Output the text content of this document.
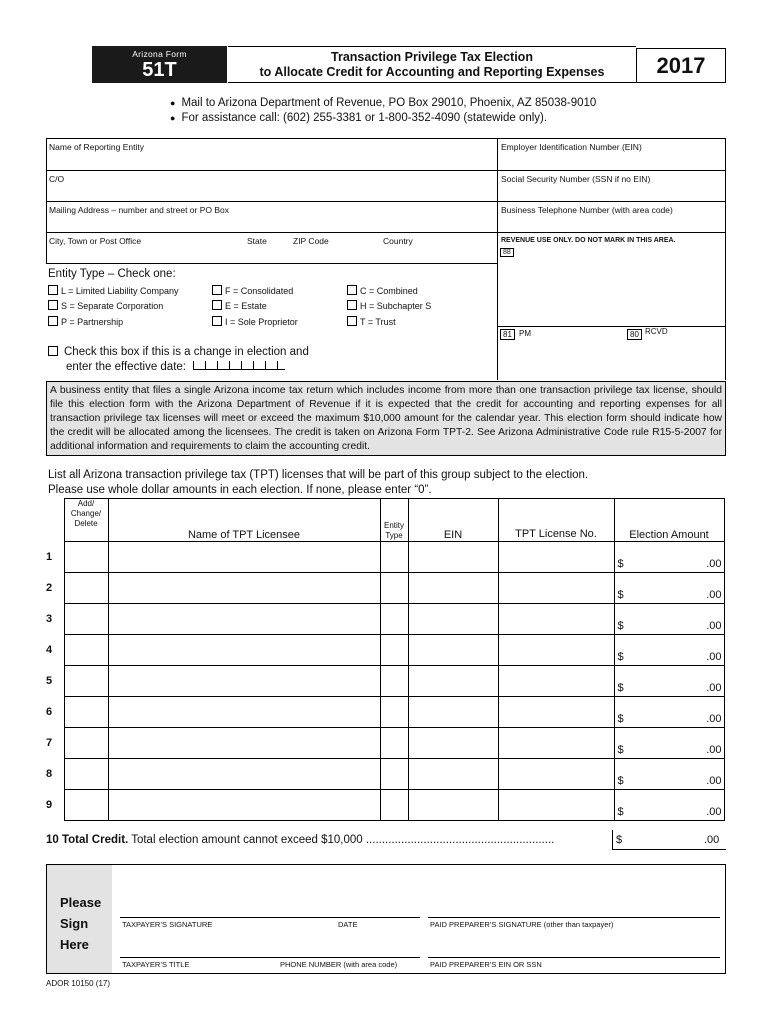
Arizona Form
51T
Transaction Privilege Tax Election
to Allocate Credit for Accounting and Reporting Expenses	2017
● Mail to Arizona Department of Revenue, PO Box 29010, Phoenix, AZ 85038-9010
● For assistance call: (602) 255-3381 or 1-800-352-4090 (statewide only).
Name of Reporting Entity	Employer Identification Number (EIN)
C/O	Social Security Number (SSN if no EIN)
Mailing Address – number and street or PO Box	Business Telephone Number (with area code)
City, Town or Post Office	State	ZIP Code	Country	REVENUE USE ONLY. DO NOT MARK IN THIS AREA.
88
81 PM	80 RCVD
Entity Type – Check one:
L = Limited Liability Company
S = Separate Corporation
P = Partnership
F = Consolidated
E = Estate
I = Sole Proprietor
C = Combined
H = Subchapter S
T = Trust
Check this box if this is a change in election and
enter the effective date:
A business entity that files a single Arizona income tax return which includes income from more than one transaction privilege tax license, should file this election form with the Arizona Department of Revenue if it is expected that the credit for accounting and reporting expenses for all transaction privilege tax licenses will meet or exceed the maximum $10,000 amount for the calendar year. This election form should indicate how the credit will be allocated among the licensees. The credit is taken on Arizona Form TPT-2. See Arizona Administrative Code rule R15-5-2007 for additional information and requirements to claim the accounting credit.
List all Arizona transaction privilege tax (TPT) licenses that will be part of this group subject to the election.
Please use whole dollar amounts in each election. If none, please enter “0”.
	Add/ Change/ Delete	Name of TPT Licensee	Entity Type	EIN	TPT License No.	Election Amount
1						$ .00

2						$ .00

3						$ .00

4						$ .00

5						$ .00

6						$ .00

7						$ .00

8						$ .00

9						$ .00
10 Total Credit. Total election amount cannot exceed $10,000 ...........................................................	$	.00
Please
Sign
Here
TAXPAYER’S SIGNATURE	DATE	PAID PREPARER’S SIGNATURE (other than taxpayer)
TAXPAYER’S TITLE	PHONE NUMBER (with area code)	PAID PREPARER’S EIN OR SSN
ADOR 10150 (17)
